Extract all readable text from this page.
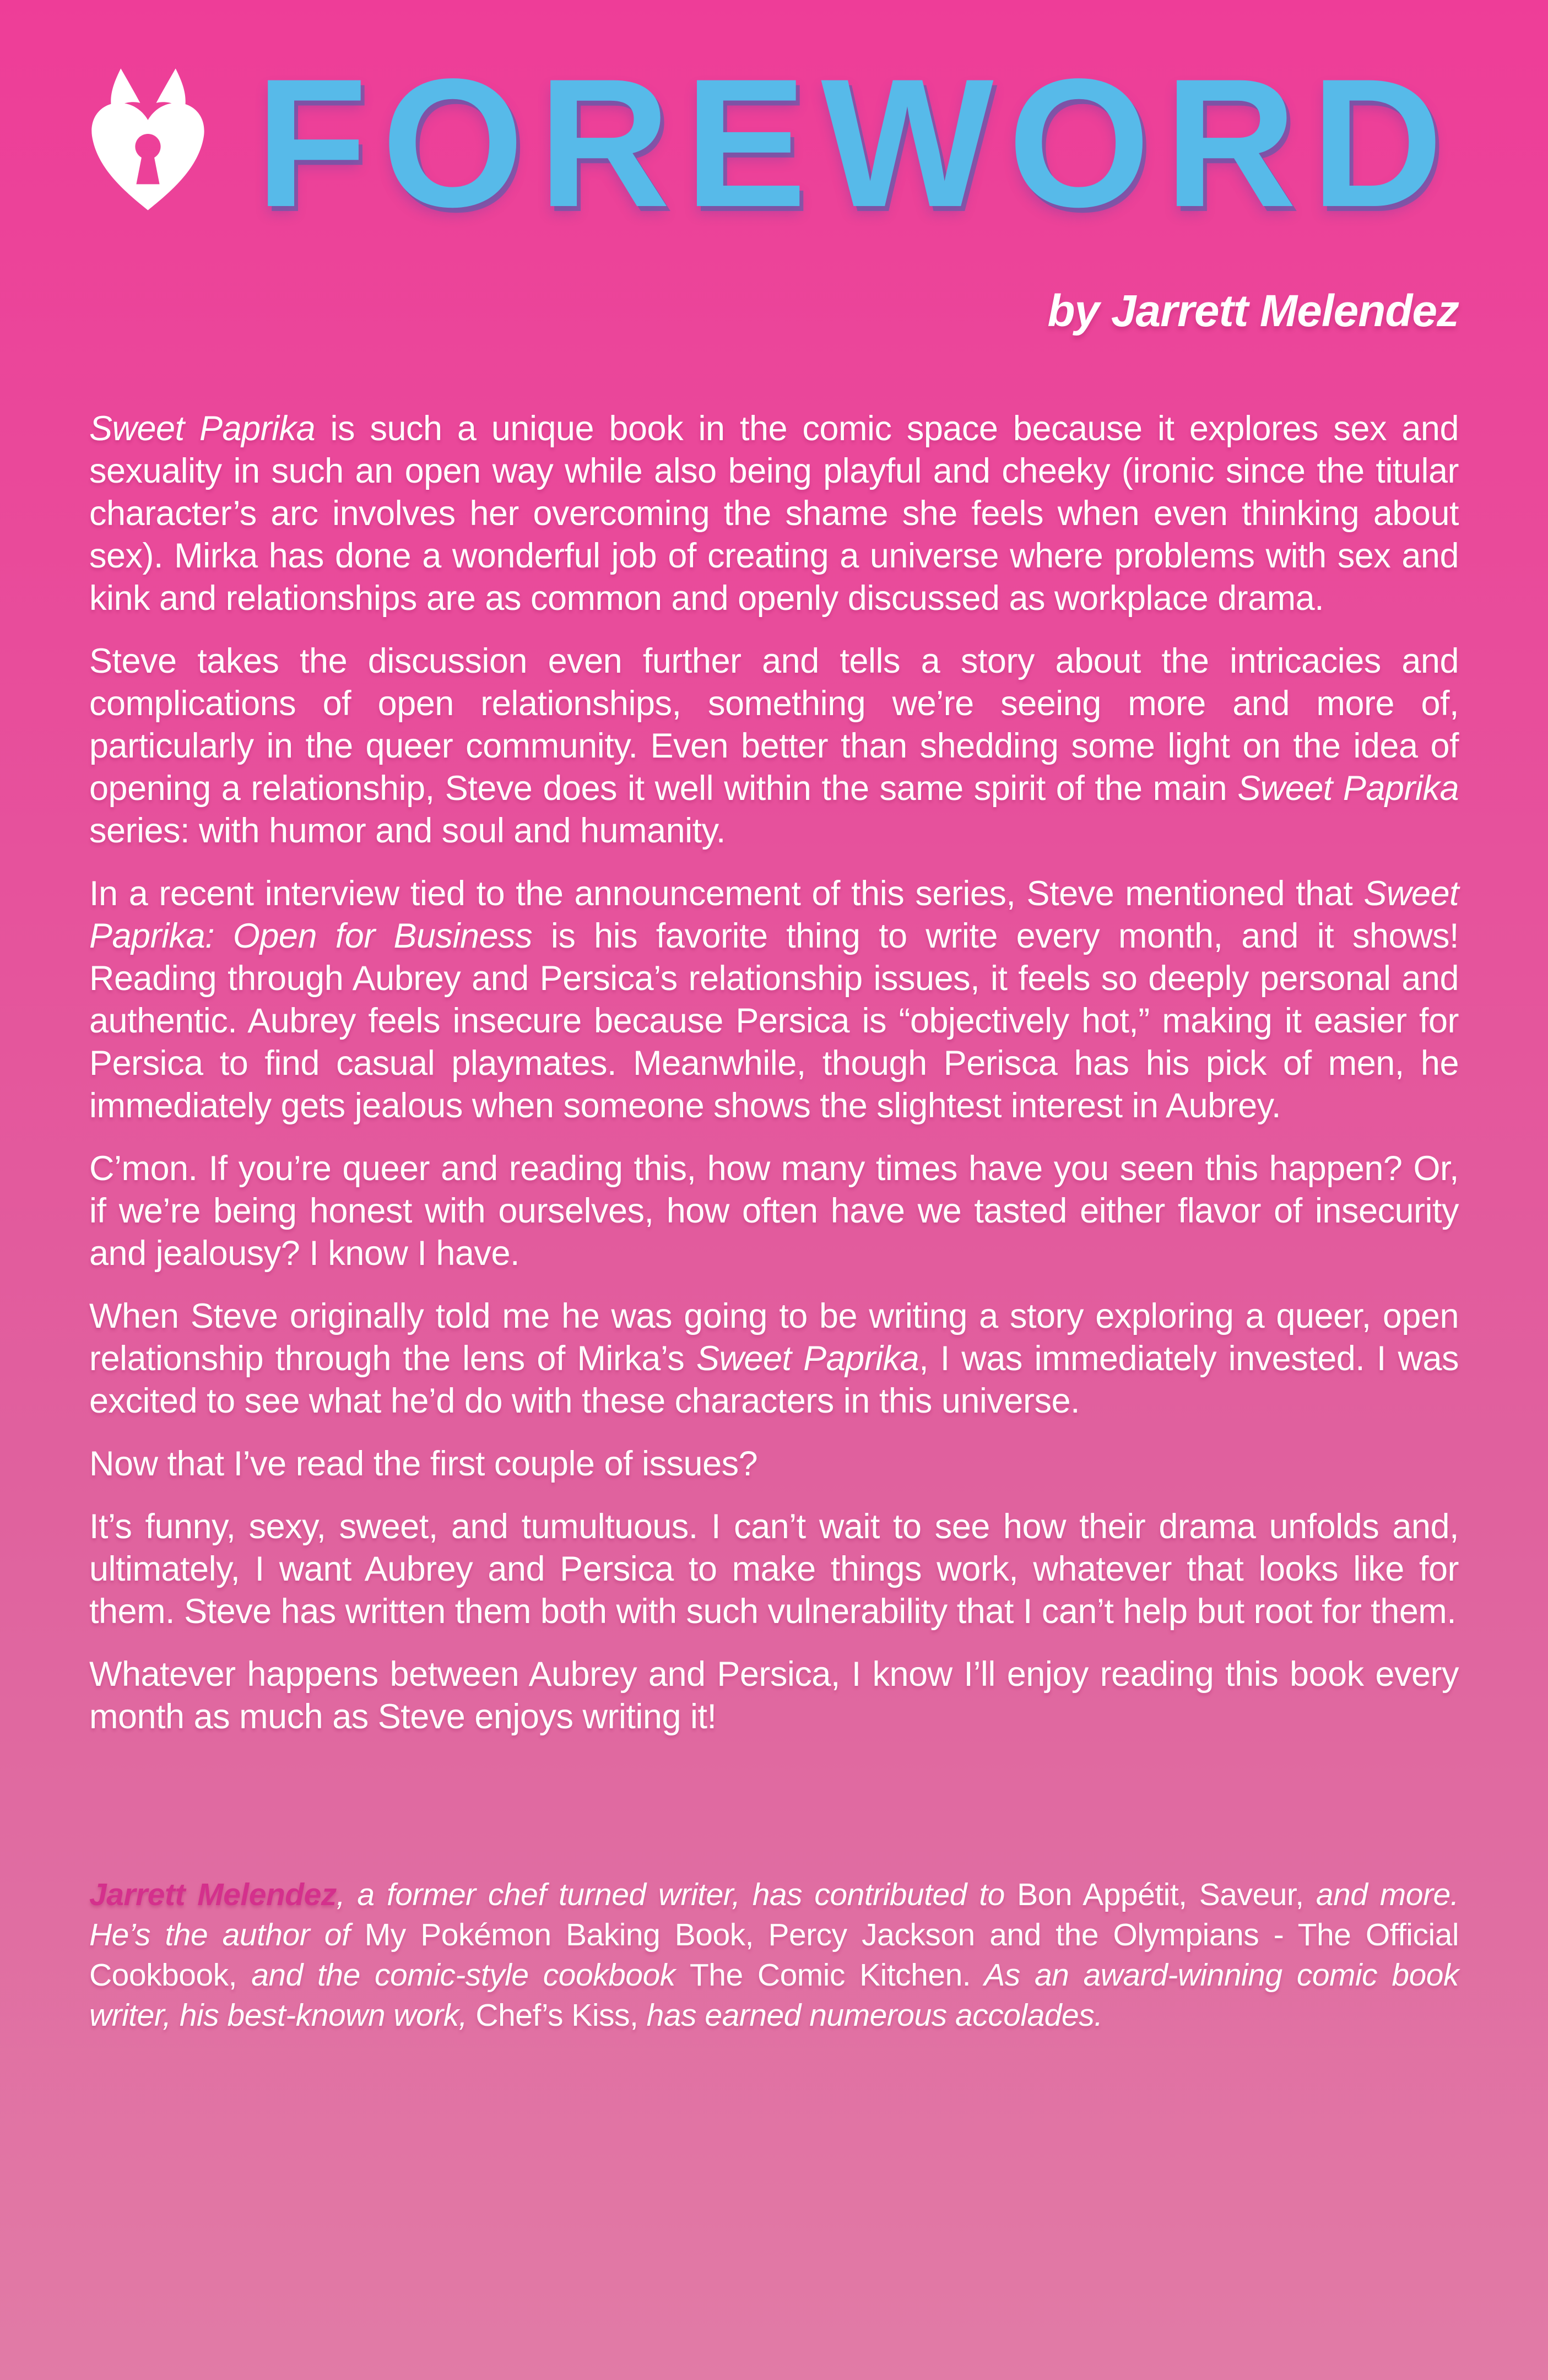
FOREWORD
by Jarrett Melendez

Sweet Paprika is such a unique book in the comic space because it explores sex and sexuality in such an open way while also being playful and cheeky (ironic since the titular character’s arc involves her overcoming the shame she feels when even thinking about sex). Mirka has done a wonderful job of creating a universe where problems with sex and kink and relationships are as common and openly discussed as workplace drama.

Steve takes the discussion even further and tells a story about the intricacies and complications of open relationships, something we’re seeing more and more of, particularly in the queer community. Even better than shedding some light on the idea of opening a relationship, Steve does it well within the same spirit of the main Sweet Paprika series: with humor and soul and humanity.

In a recent interview tied to the announcement of this series, Steve mentioned that Sweet Paprika: Open for Business is his favorite thing to write every month, and it shows! Reading through Aubrey and Persica’s relationship issues, it feels so deeply personal and authentic. Aubrey feels insecure because Persica is “objectively hot,” making it easier for Persica to find casual playmates. Meanwhile, though Perisca has his pick of men, he immediately gets jealous when someone shows the slightest interest in Aubrey.

C’mon. If you’re queer and reading this, how many times have you seen this happen? Or, if we’re being honest with ourselves, how often have we tasted either flavor of insecurity and jealousy? I know I have.

When Steve originally told me he was going to be writing a story exploring a queer, open relationship through the lens of Mirka’s Sweet Paprika, I was immediately invested. I was excited to see what he’d do with these characters in this universe.

Now that I’ve read the first couple of issues?

It’s funny, sexy, sweet, and tumultuous. I can’t wait to see how their drama unfolds and, ultimately, I want Aubrey and Persica to make things work, whatever that looks like for them. Steve has written them both with such vulnerability that I can’t help but root for them.

Whatever happens between Aubrey and Persica, I know I’ll enjoy reading this book every month as much as Steve enjoys writing it!

Jarrett Melendez, a former chef turned writer, has contributed to Bon Appétit, Saveur, and more. He’s the author of My Pokémon Baking Book, Percy Jackson and the Olympians - The Official Cookbook, and the comic-style cookbook The Comic Kitchen. As an award-winning comic book writer, his best-known work, Chef’s Kiss, has earned numerous accolades.
